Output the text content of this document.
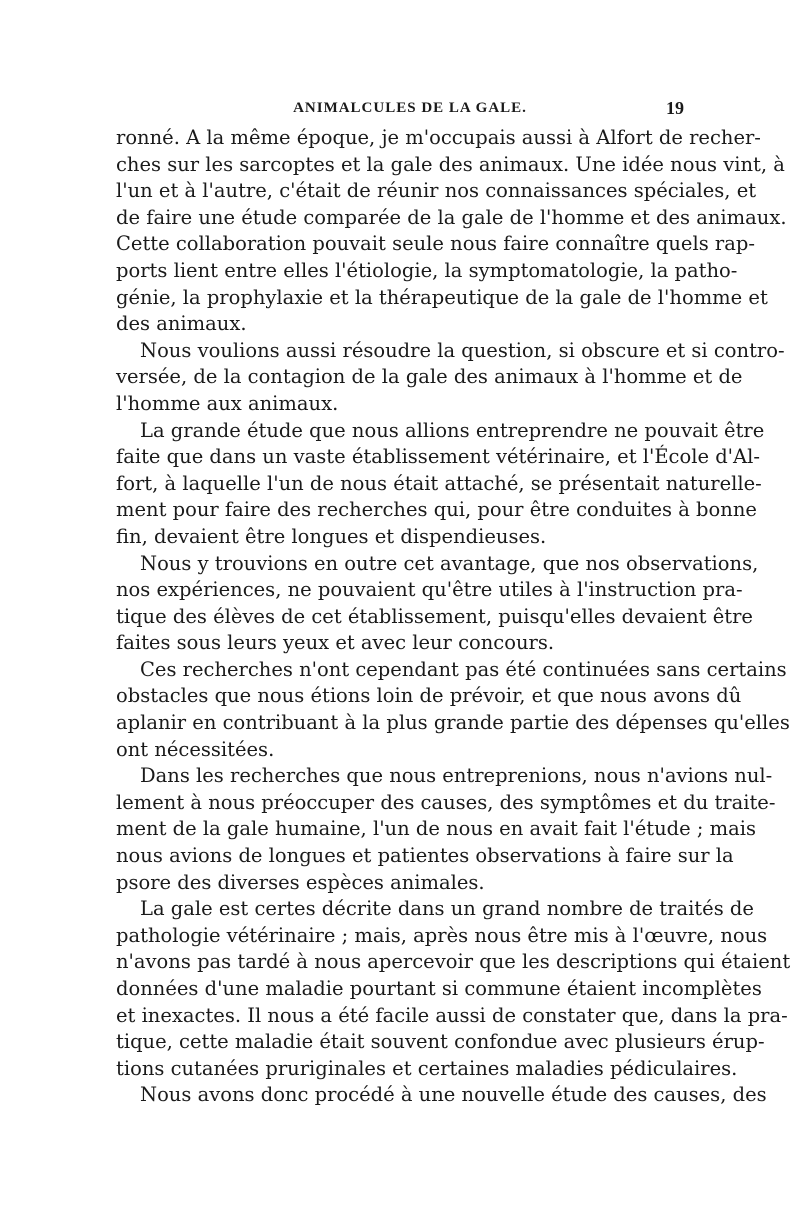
ANIMALCULES DE LA GALE.	19
ronné. A la même époque, je m'occupais aussi à Alfort de recher-
ches sur les sarcoptes et la gale des animaux. Une idée nous vint, à
l'un et à l'autre, c'était de réunir nos connaissances spéciales, et
de faire une étude comparée de la gale de l'homme et des animaux.
Cette collaboration pouvait seule nous faire connaître quels rap-
ports lient entre elles l'étiologie, la symptomatologie, la patho-
génie, la prophylaxie et la thérapeutique de la gale de l'homme et
des animaux.
Nous voulions aussi résoudre la question, si obscure et si contro-
versée, de la contagion de la gale des animaux à l'homme et de
l'homme aux animaux.
La grande étude que nous allions entreprendre ne pouvait être
faite que dans un vaste établissement vétérinaire, et l'École d'Al-
fort, à laquelle l'un de nous était attaché, se présentait naturelle-
ment pour faire des recherches qui, pour être conduites à bonne
fin, devaient être longues et dispendieuses.
Nous y trouvions en outre cet avantage, que nos observations,
nos expériences, ne pouvaient qu'être utiles à l'instruction pra-
tique des élèves de cet établissement, puisqu'elles devaient être
faites sous leurs yeux et avec leur concours.
Ces recherches n'ont cependant pas été continuées sans certains
obstacles que nous étions loin de prévoir, et que nous avons dû
aplanir en contribuant à la plus grande partie des dépenses qu'elles
ont nécessitées.
Dans les recherches que nous entreprenions, nous n'avions nul-
lement à nous préoccuper des causes, des symptômes et du traite-
ment de la gale humaine, l'un de nous en avait fait l'étude ; mais
nous avions de longues et patientes observations à faire sur la
psore des diverses espèces animales.
La gale est certes décrite dans un grand nombre de traités de
pathologie vétérinaire ; mais, après nous être mis à l'œuvre, nous
n'avons pas tardé à nous apercevoir que les descriptions qui étaient
données d'une maladie pourtant si commune étaient incomplètes
et inexactes. Il nous a été facile aussi de constater que, dans la pra-
tique, cette maladie était souvent confondue avec plusieurs érup-
tions cutanées pruriginales et certaines maladies pédiculaires.
Nous avons donc procédé à une nouvelle étude des causes, des
